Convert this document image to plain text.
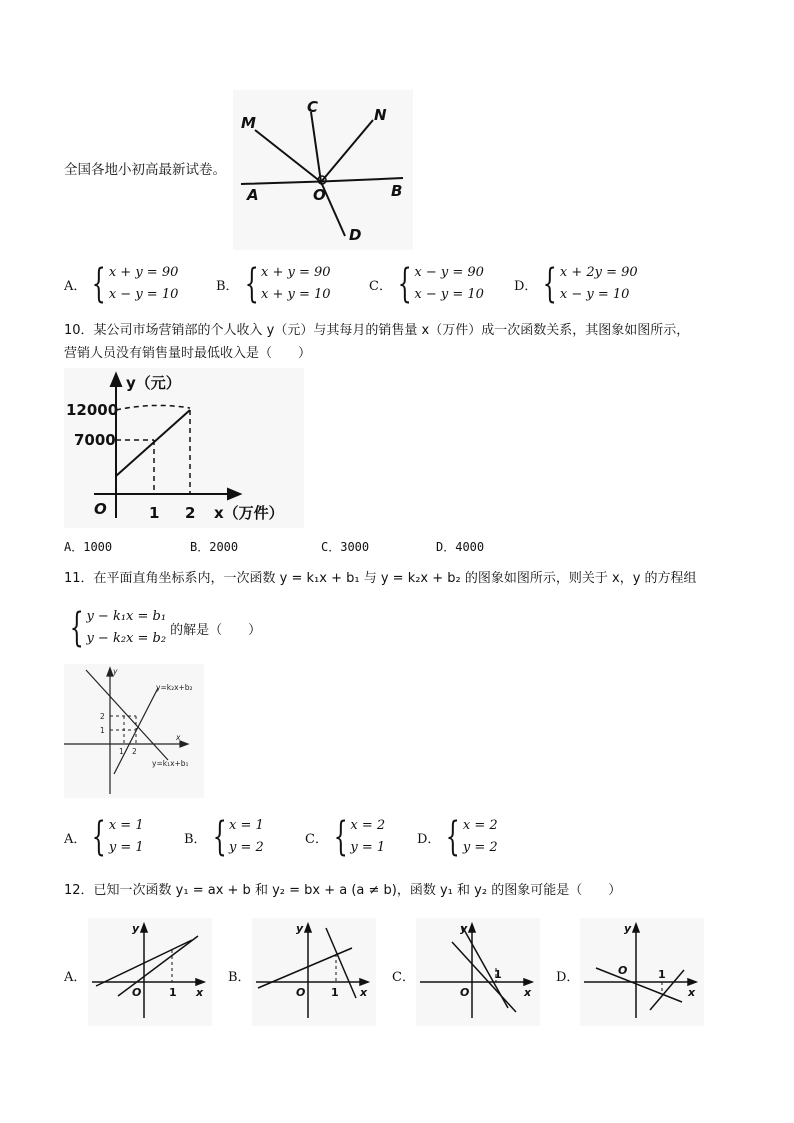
全国各地小初高最新试卷。
M
C	N
A	O	B
D
A． { x + y = 90
x − y = 10
B． { x + y = 90
x + y = 10
C． { x − y = 90
x − y = 10
D． { x + 2y = 90
x − y = 10
10．某公司市场营销部的个人收入 y（元）与其每月的销售量 x（万件）成一次函数关系，其图象如图所示，
营销人员没有销售量时最低收入是（　　）
y（元）
12000
7000
O	1 2 x（万件）
A．1000	B．2000	C．3000	D．4000
11．在平面直角坐标系内，一次函数 y = k₁x + b₁ 与 y = k₂x + b₂ 的图象如图所示，则关于 x，y 的方程组
{ y − k₁x = b₁
y − k₂x = b₂
的解是（　　）
y
x
2
1
1 2
y=k₂x+b₂
y=k₁x+b₁
A． { x = 1
y = 1
B． { x = 1
y = 2
C． { x = 2
y = 1
D． { x = 2
y = 2
12．已知一次函数 y₁ = ax + b 和 y₂ = bx + a (a ≠ b)，函数 y₁ 和 y₂ 的图象可能是（　　）
A．
y
x
O	1
B．
y
x
O 1
C．
y
x
O
1	D．
y
x
O	1
